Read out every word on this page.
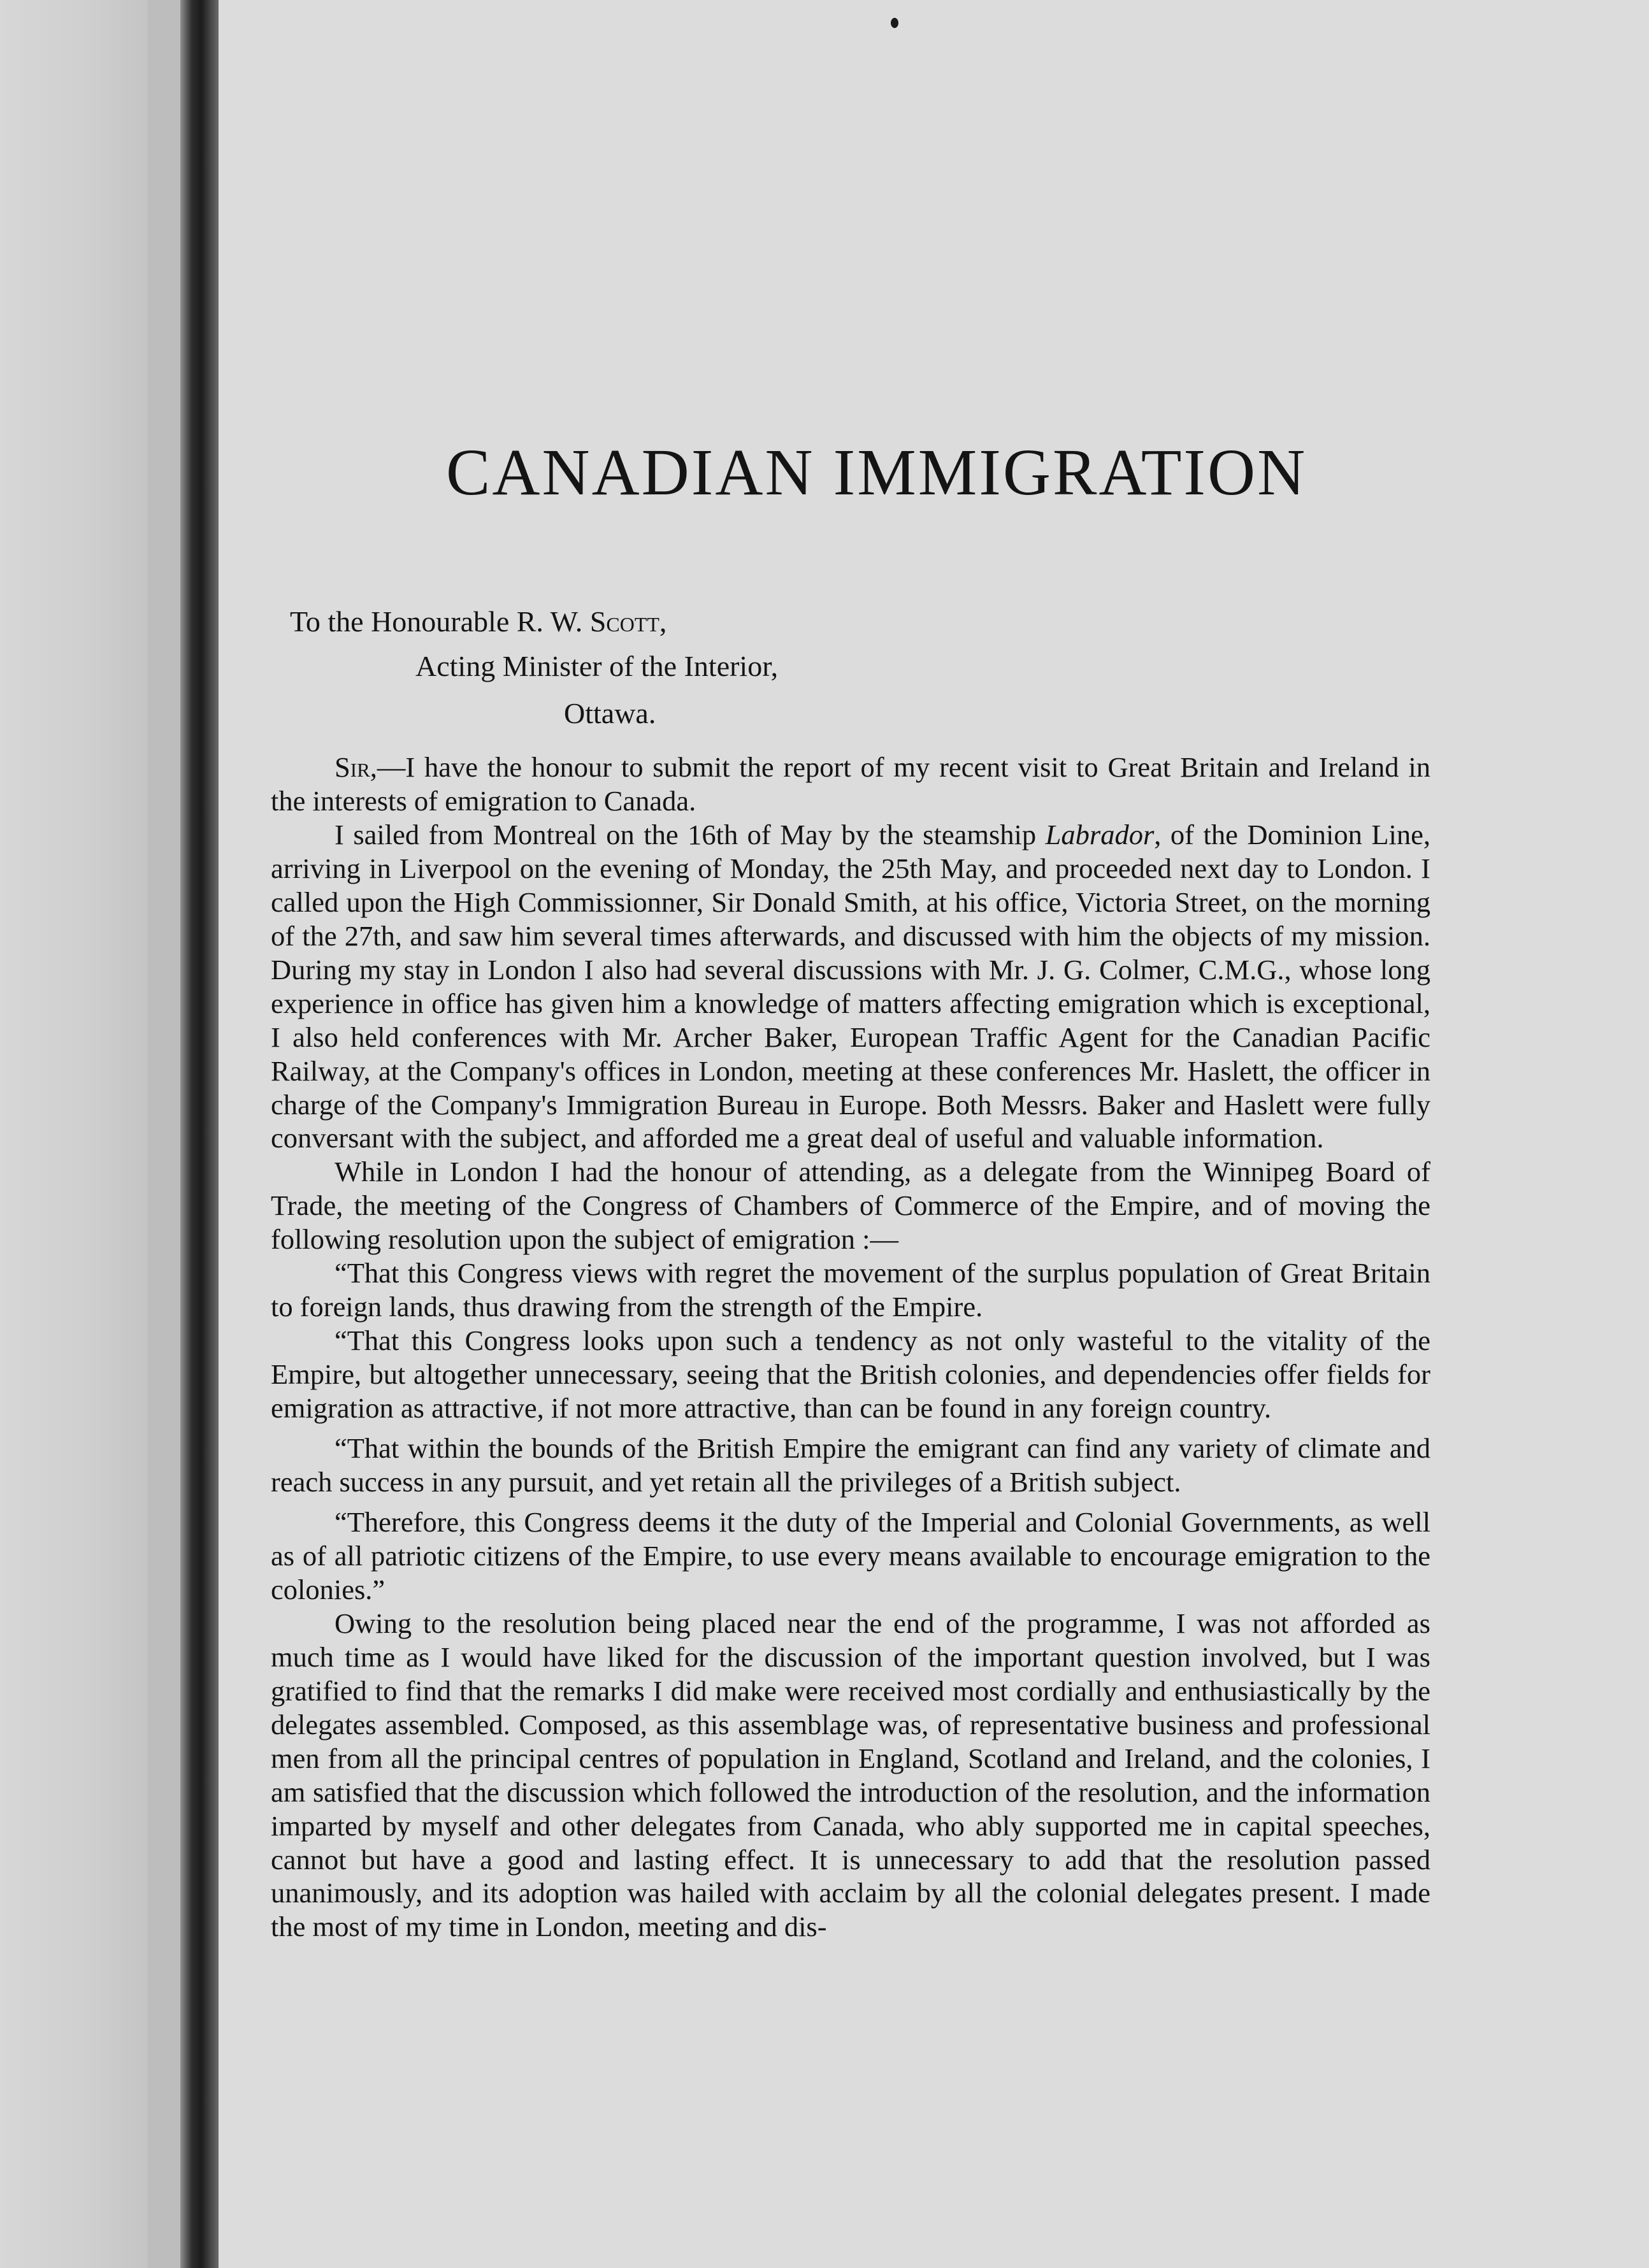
CANADIAN IMMIGRATION
To the Honourable R. W. Scott,
Acting Minister of the Interior,
Ottawa.

Sir,—I have the honour to submit the report of my recent visit to Great Britain and Ireland in the interests of emigration to Canada.

I sailed from Montreal on the 16th of May by the steamship Labrador, of the Dominion Line, arriving in Liverpool on the evening of Monday, the 25th May, and proceeded next day to London. I called upon the High Commissionner, Sir Donald Smith, at his office, Victoria Street, on the morning of the 27th, and saw him several times afterwards, and discussed with him the objects of my mission. During my stay in London I also had several discussions with Mr. J. G. Colmer, C.M.G., whose long experience in office has given him a knowledge of matters affecting emigration which is exceptional, I also held conferences with Mr. Archer Baker, European Traffic Agent for the Canadian Pacific Railway, at the Company's offices in London, meeting at these conferences Mr. Haslett, the officer in charge of the Company's Immigration Bureau in Europe. Both Messrs. Baker and Haslett were fully conversant with the subject, and afforded me a great deal of useful and valuable information.

While in London I had the honour of attending, as a delegate from the Winnipeg Board of Trade, the meeting of the Congress of Chambers of Commerce of the Empire, and of moving the following resolution upon the subject of emigration :—

“That this Congress views with regret the movement of the surplus population of Great Britain to foreign lands, thus drawing from the strength of the Empire.

“That this Congress looks upon such a tendency as not only wasteful to the vitality of the Empire, but altogether unnecessary, seeing that the British colonies, and dependencies offer fields for emigration as attractive, if not more attractive, than can be found in any foreign country.

“That within the bounds of the British Empire the emigrant can find any variety of climate and reach success in any pursuit, and yet retain all the privileges of a British subject.

“Therefore, this Congress deems it the duty of the Imperial and Colonial Governments, as well as of all patriotic citizens of the Empire, to use every means available to encourage emigration to the colonies.”

Owing to the resolution being placed near the end of the programme, I was not afforded as much time as I would have liked for the discussion of the important question involved, but I was gratified to find that the remarks I did make were received most cordially and enthusiastically by the delegates assembled. Composed, as this assemblage was, of representative business and professional men from all the principal centres of population in England, Scotland and Ireland, and the colonies, I am satisfied that the discussion which followed the introduction of the resolution, and the information imparted by myself and other delegates from Canada, who ably supported me in capital speeches, cannot but have a good and lasting effect. It is unnecessary to add that the resolution passed unanimously, and its adoption was hailed with acclaim by all the colonial delegates present. I made the most of my time in London, meeting and dis-
